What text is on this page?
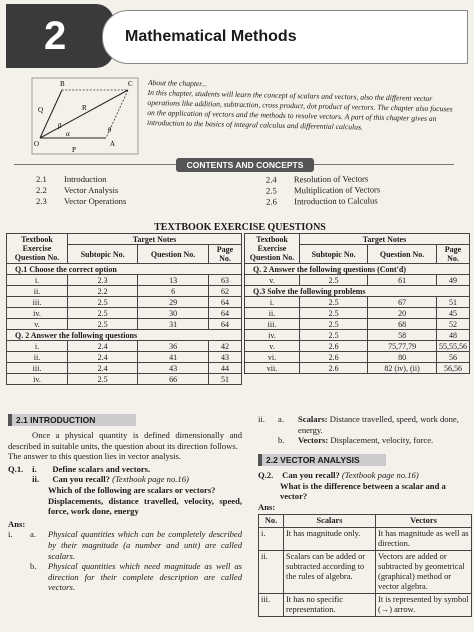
2	Mathematical Methods
B	C
Q	R
β
α	θ
O	A
P
About the chapter...
In this chapter, students will learn the concept of scalars and vectors, also the different vector operations like addition, subtraction, cross product, dot product of vectors. The chapter also focuses on the application of vectors and the methods to resolve vectors. A part of this chapter gives an introduction to the basics of integral calculus and differential calculus.
CONTENTS AND CONCEPTS
2.1 Introduction
2.2 Vector Analysis
2.3 Vector Operations
2.4 Resolution of Vectors
2.5 Multiplication of Vectors
2.6 Introduction to Calculus
TEXTBOOK EXERCISE QUESTIONS
Textbook Exercise Question No.	Target Notes		
	Subtopic No.	Question No.	Page No.
Q.1 Choose the correct option			
i.	2.3	13	63
ii.	2.2	6	62
iii.	2.5	29	64
iv.	2.5	30	64
v.	2.5	31	64
Q. 2 Answer the following questions			
i.	2.4	36	42
ii.	2.4	41	43
iii.	2.4	43	44
iv.	2.5	66	51
Textbook Exercise Question No.	Target Notes		
	Subtopic No.	Question No.	Page No.
Q. 2 Answer the following questions (Cont'd)			
v.	2.5	61	49
Q.3 Solve the following problems			
i.	2.5	67	51
ii.	2.5	20	45
iii.	2.5	68	52
iv.	2.5	58	48
v.	2.6	75,77,79	55,55,56
vi.	2.6	80	56
vii.	2.6	82 (iv), (ii)	56,56
2.1 INTRODUCTION

Once a physical quantity is defined dimensionally and described in suitable units, the question about its direction follows.

The answer to this question lies in vector analysis.

Q.1. i. Define scalars and vectors.

ii. Can you recall? (Textbook page no.16)

Which of the following are scalars or vectors?

Displacements, distance travelled, velocity, speed, force, work done, energy

Ans:

i.	a.	Physical quantities which can be completely described by their magnitude (a number and unit) are called scalars.

b.	Physical quantities which need magnitude as well as direction for their complete description are called vectors.

ii.	a.	Scalars: Distance travelled, speed, work done, energy.

b.	Vectors: Displacement, velocity, force.

2.2 VECTOR ANALYSIS

Q.2. Can you recall? (Textbook page no.16)

What is the difference between a scalar and a vector?

Ans:

No.	Scalars	Vectors
i.	It has magnitude only.	It has magnitude as well as direction.
ii.	Scalars can be added or subtracted according to the rules of algebra.	Vectors are added or subtracted by geometrical (graphical) method or vector algebra.
iii.	It has no specific representation.	It is represented by symbol (→) arrow.
